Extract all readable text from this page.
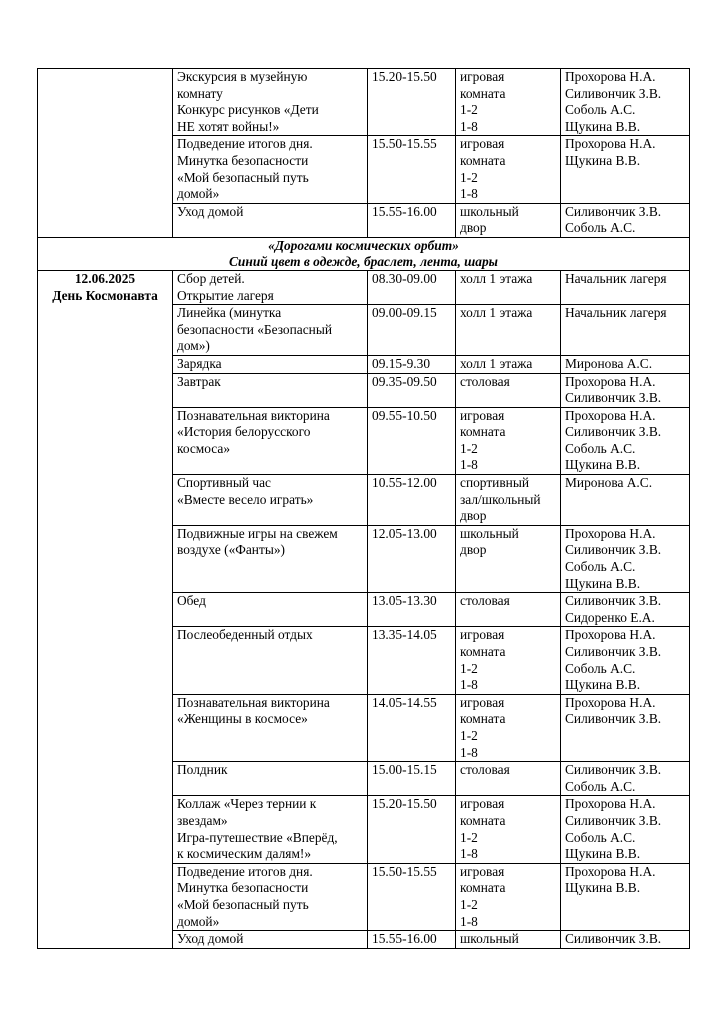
	Экскурсия в музейную
комнату
Конкурс рисунков «Дети
НЕ хотят войны!»	15.20-15.50	игровая
комната
1-2
1-8	Прохорова Н.А.
Силивончик З.В.
Соболь А.С.
Щукина В.В.

	Подведение итогов дня.
Минутка безопасности
«Мой безопасный путь
домой»	15.50-15.55	игровая
комната
1-2
1-8	Прохорова Н.А.
Щукина В.В.

	Уход домой	15.55-16.00	школьный
двор	Силивончик З.В.
Соболь А.С.

«Дорогами космических орбит»
Синий цвет в одежде, браслет, лента, шары				

12.06.2025
День Космонавта	Сбор детей.
Открытие лагеря	08.30-09.00	холл 1 этажа	Начальник лагеря

	Линейка (минутка
безопасности «Безопасный
дом»)	09.00-09.15	холл 1 этажа	Начальник лагеря

	Зарядка	09.15-9.30	холл 1 этажа	Миронова А.С.

	Завтрак	09.35-09.50	столовая	Прохорова Н.А.
Силивончик З.В.

	Познавательная викторина
«История белорусского
космоса»	09.55-10.50	игровая
комната
1-2
1-8	Прохорова Н.А.
Силивончик З.В.
Соболь А.С.
Щукина В.В.

	Спортивный час
«Вместе весело играть»	10.55-12.00	спортивный
зал/школьный
двор	Миронова А.С.

	Подвижные игры на свежем
воздухе («Фанты»)	12.05-13.00	школьный
двор	Прохорова Н.А.
Силивончик З.В.
Соболь А.С.
Щукина В.В.

	Обед	13.05-13.30	столовая	Силивончик З.В.
Сидоренко Е.А.

	Послеобеденный отдых	13.35-14.05	игровая
комната
1-2
1-8	Прохорова Н.А.
Силивончик З.В.
Соболь А.С.
Щукина В.В.

	Познавательная викторина
«Женщины в космосе»	14.05-14.55	игровая
комната
1-2
1-8	Прохорова Н.А.
Силивончик З.В.

	Полдник	15.00-15.15	столовая	Силивончик З.В.
Соболь А.С.

	Коллаж «Через тернии к
звездам»
Игра-путешествие «Вперёд,
к космическим далям!»	15.20-15.50	игровая
комната
1-2
1-8	Прохорова Н.А.
Силивончик З.В.
Соболь А.С.
Щукина В.В.

	Подведение итогов дня.
Минутка безопасности
«Мой безопасный путь
домой»	15.50-15.55	игровая
комната
1-2
1-8	Прохорова Н.А.
Щукина В.В.

	Уход домой	15.55-16.00	школьный	Силивончик З.В.
